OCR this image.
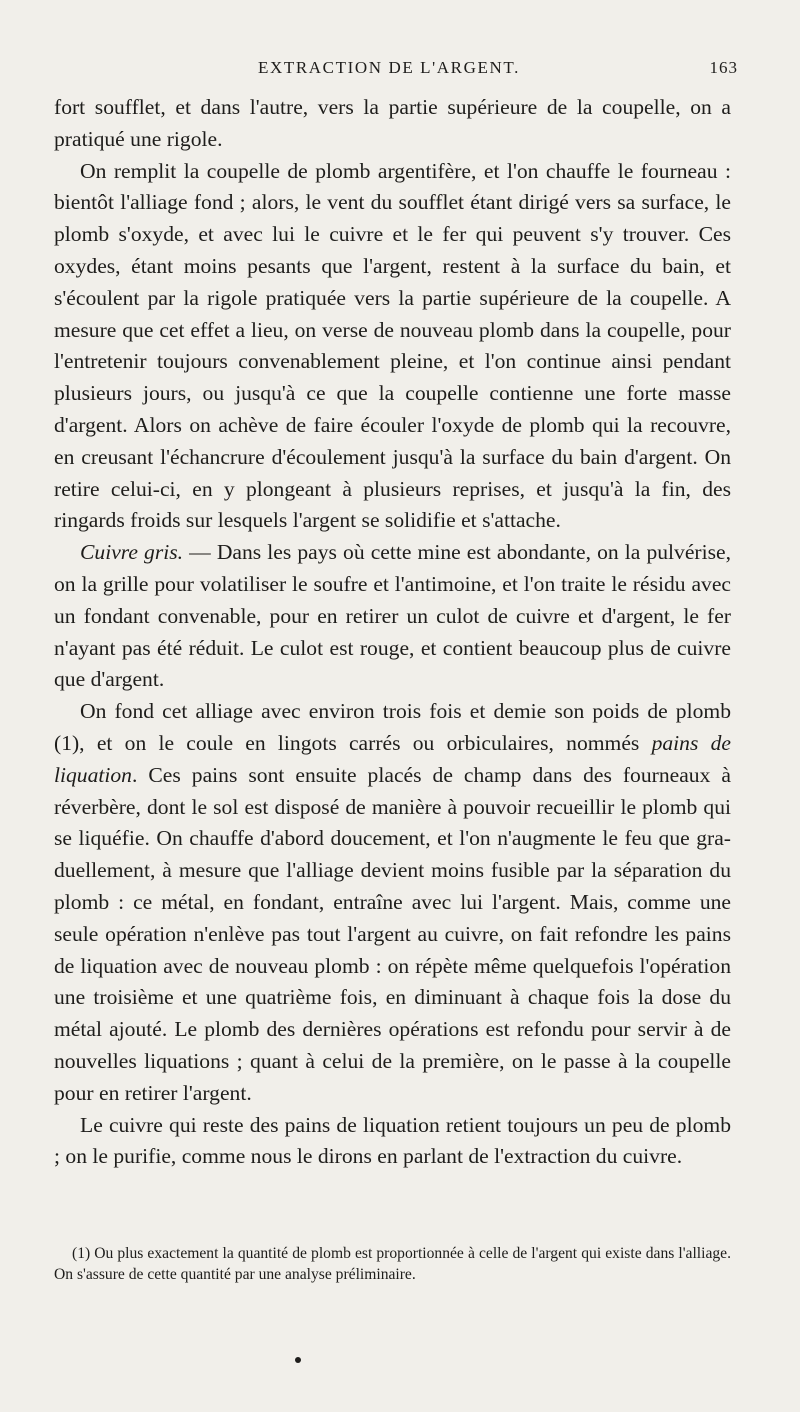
EXTRACTION DE L'ARGENT.	163

fort soufflet, et dans l'autre, vers la partie supérieure de la coupelle, on a pratiqué une rigole.

On remplit la coupelle de plomb argentifère, et l'on chauffe le fourneau : bientôt l'alliage fond ; alors, le vent du soufflet étant dirigé vers sa surface, le plomb s'oxyde, et avec lui le cuivre et le fer qui peuvent s'y trouver. Ces oxydes, étant moins pesants que l'argent, restent à la surface du bain, et s'écoulent par la rigole pratiquée vers la partie supérieure de la coupelle. A mesure que cet effet a lieu, on verse de nouveau plomb dans la coupelle, pour l'entretenir toujours convenablement pleine, et l'on continue ainsi pendant plusieurs jours, ou jusqu'à ce que la coupelle contienne une forte masse d'argent. Alors on achève de faire écouler l'oxyde de plomb qui la recouvre, en creusant l'échancrure d'écoulement jusqu'à la surface du bain d'argent. On retire celui-ci, en y plongeant à plusieurs reprises, et jusqu'à la fin, des ringards froids sur lesquels l'argent se solidifie et s'attache.

Cuivre gris. — Dans les pays où cette mine est abondante, on la pulvérise, on la grille pour volatiliser le soufre et l'antimoine, et l'on traite le résidu avec un fondant convenable, pour en retirer un culot de cuivre et d'argent, le fer n'ayant pas été réduit. Le culot est rouge, et contient beaucoup plus de cuivre que d'argent.

On fond cet alliage avec environ trois fois et demie son poids de plomb (1), et on le coule en lingots carrés ou orbiculaires, nommés pains de liquation. Ces pains sont ensuite placés de champ dans des fourneaux à réverbère, dont le sol est disposé de manière à pouvoir recueillir le plomb qui se liquéfie. On chauffe d'abord doucement, et l'on n'augmente le feu que graduellement, à mesure que l'alliage devient moins fusible par la séparation du plomb : ce métal, en fondant, entraîne avec lui l'argent. Mais, comme une seule opération n'enlève pas tout l'argent au cuivre, on fait refondre les pains de liquation avec de nouveau plomb : on répète même quelquefois l'opération une troisième et une quatrième fois, en diminuant à chaque fois la dose du métal ajouté. Le plomb des dernières opérations est refondu pour servir à de nouvelles liquations ; quant à celui de la première, on le passe à la coupelle pour en retirer l'argent.

Le cuivre qui reste des pains de liquation retient toujours un peu de plomb ; on le purifie, comme nous le dirons en parlant de l'extraction du cuivre.

(1) Ou plus exactement la quantité de plomb est proportionnée à celle de l'argent qui existe dans l'alliage. On s'assure de cette quantité par une analyse préliminaire.
